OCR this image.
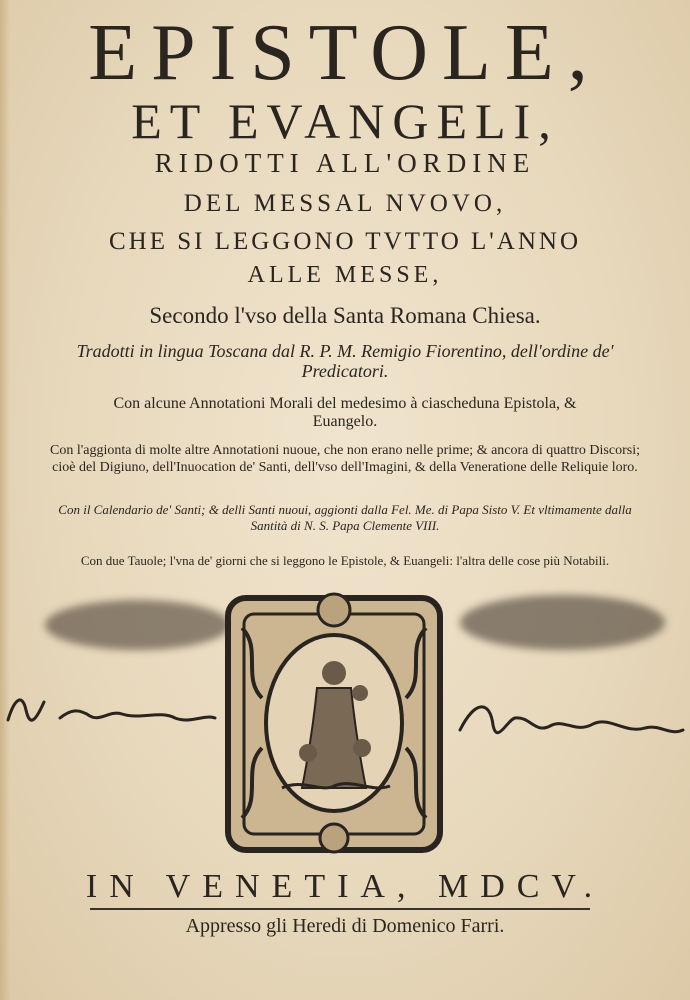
EPISTOLE,
ET EVANGELI,
RIDOTTI ALL'ORDINE
DEL MESSAL NVOVO,
CHE SI LEGGONO TVTTO L'ANNO
ALLE MESSE,
Secondo l'vso della Santa Romana Chiesa.
Tradotti in lingua Toscana dal R. P. M. Remigio Fiorentino, dell'ordine de' Predicatori.
Con alcune Annotationi Morali del medesimo à ciascheduna Epistola, & Euangelo.
Con l'aggionta di molte altre Annotationi nuoue, che non erano nelle prime; & ancora di quattro Discorsi; cioè del Digiuno, dell'Inuocation de' Santi, dell'vso dell'Imagini, & della Veneratione delle Reliquie loro.
Con il Calendario de' Santi; & delli Santi nuoui, aggionti dalla Fel. Me. di Papa Sisto V. Et vltimamente dalla Santità di N. S. Papa Clemente VIII.
Con due Tauole; l'vna de' giorni che si leggono le Epistole, & Euangeli: l'altra delle cose più Notabili.
IN VENETIA, MDCV.
Appresso gli Heredi di Domenico Farri.
